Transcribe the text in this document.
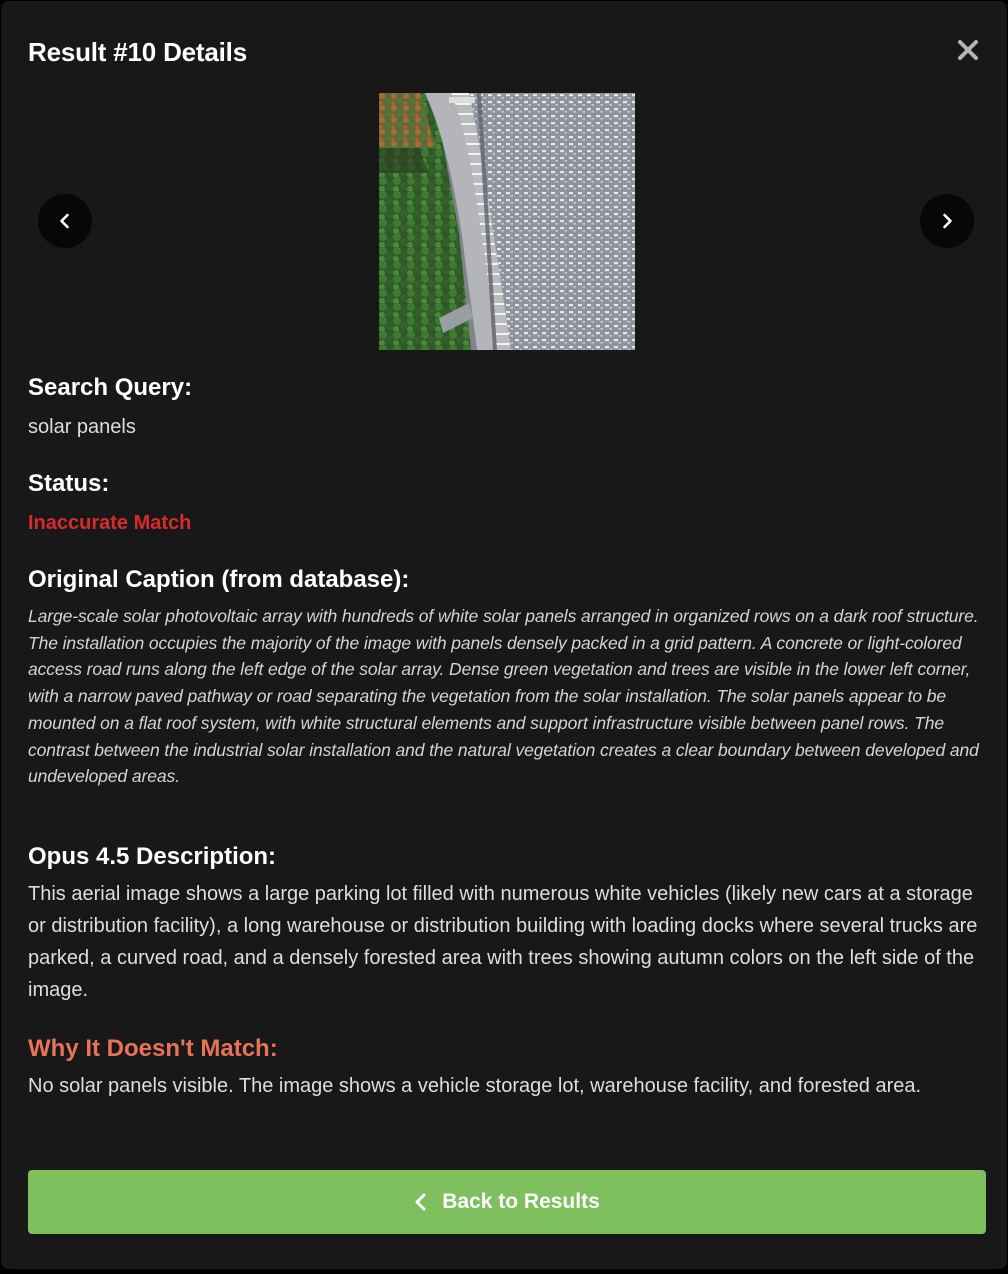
Result #10 Details
Search Query:

solar panels

Status:

Inaccurate Match

Original Caption (from database):

Large-scale solar photovoltaic array with hundreds of white solar panels arranged in organized rows on a dark roof structure. The installation occupies the majority of the image with panels densely packed in a grid pattern. A concrete or light-colored access road runs along the left edge of the solar array. Dense green vegetation and trees are visible in the lower left corner, with a narrow paved pathway or road separating the vegetation from the solar installation. The solar panels appear to be mounted on a flat roof system, with white structural elements and support infrastructure visible between panel rows. The contrast between the industrial solar installation and the natural vegetation creates a clear boundary between developed and undeveloped areas.

Opus 4.5 Description:

This aerial image shows a large parking lot filled with numerous white vehicles (likely new cars at a storage or distribution facility), a long warehouse or distribution building with loading docks where several trucks are parked, a curved road, and a densely forested area with trees showing autumn colors on the left side of the image.

Why It Doesn't Match:

No solar panels visible. The image shows a vehicle storage lot, warehouse facility, and forested area.

Back to Results
